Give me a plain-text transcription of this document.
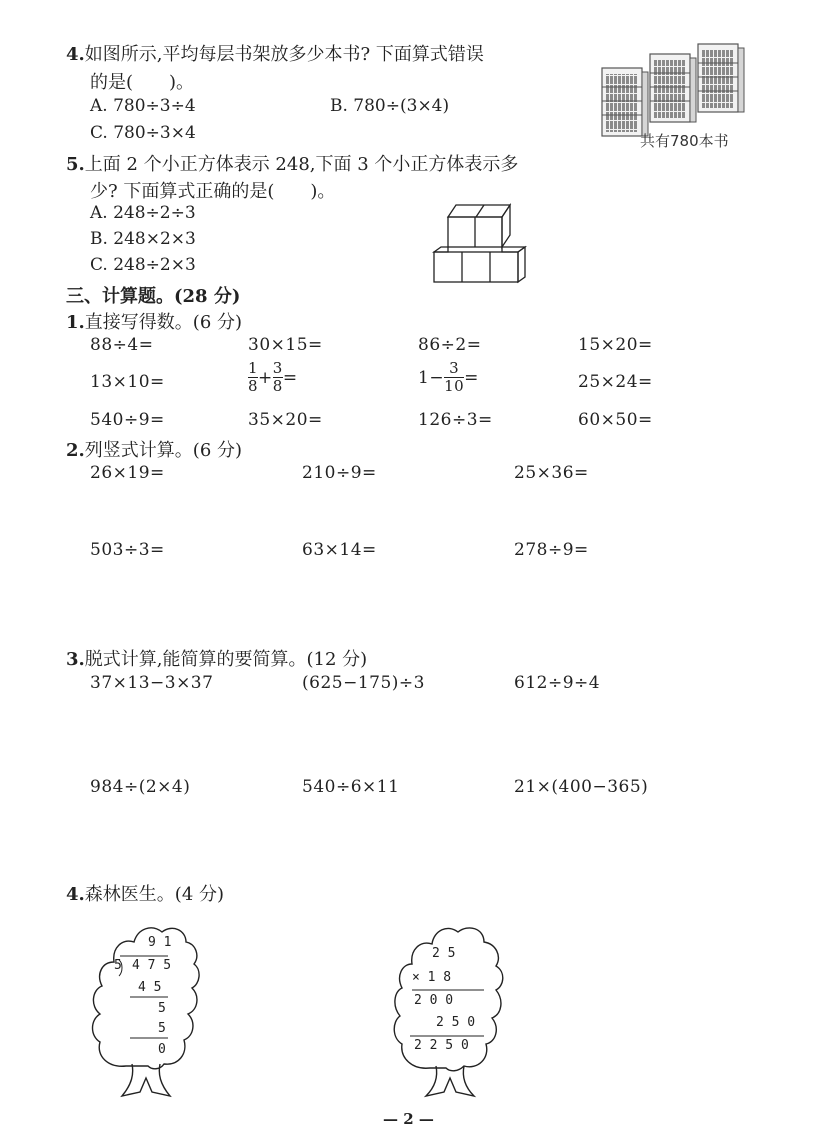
4.如图所示,平均每层书架放多少本书? 下面算式错误
的是(　　)。
A. 780÷3÷4	B. 780÷(3×4)
C. 780÷3×4	共有780本书
5.上面 2 个小正方体表示 248,下面 3 个小正方体表示多
少? 下面算式正确的是(　　)。
A. 248÷2÷3
B. 248×2×3
C. 248÷2×3
三、计算题。(28 分)
1.直接写得数。(6 分)
88÷4=	30×15=	86÷2=	15×20=
13×10=	$\frac{1}{8} + \frac{3}{8}$ =	$1- \frac{3}{10}$ =	25×24=
540÷9=	35×20=	126÷3=	60×50=
2.列竖式计算。(6 分)
26×19=	210÷9=	25×36=
503÷3=	63×14=	278÷9=
3.脱式计算,能简算的要简算。(12 分)
37×13−3×37	(625−175)÷3	612÷9÷4
984÷(2×4)	540÷6×11	21×(400−365)
4.森林医生。(4 分)
9 1
5 4 7 5
4 5
5
5
0
2 5
× 1 8
2 0 0
2 5 0
2 2 5 0
— 2 —
